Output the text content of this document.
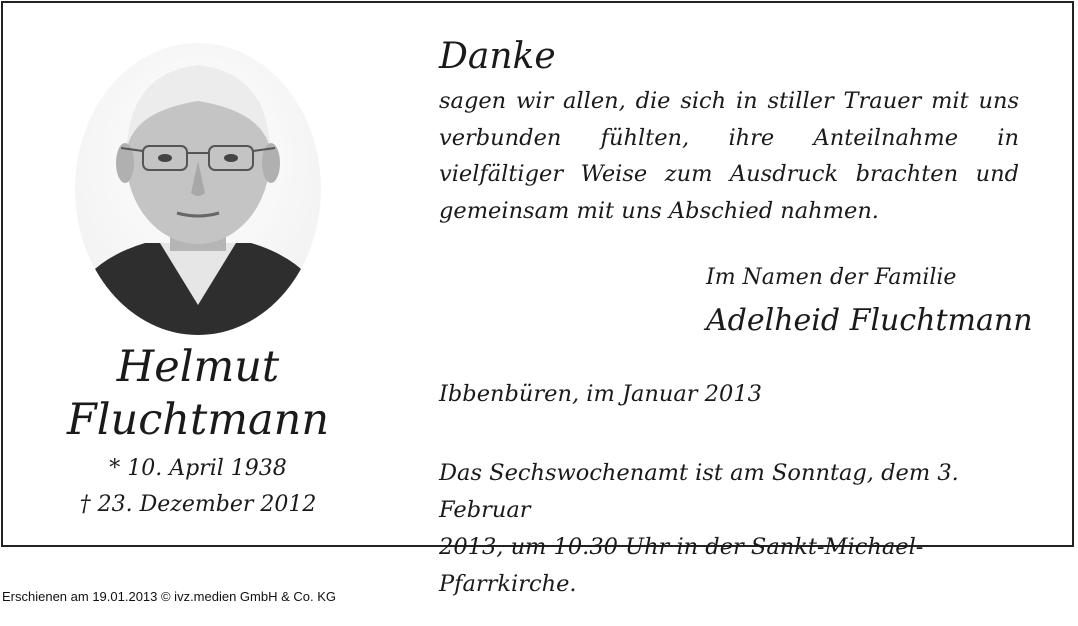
Helmut
Fluchtmann
* 10. April 1938
† 23. Dezember 2012
Danke
sagen wir allen, die sich in stiller Trauer mit uns verbunden fühlten, ihre Anteilnahme in vielfältiger Weise zum Ausdruck brachten und gemeinsam mit uns Abschied nahmen.
Im Namen der Familie
Adelheid Fluchtmann
Ibbenbüren, im Januar 2013
Das Sechswochenamt ist am Sonntag, dem 3. Februar
2013, um 10.30 Uhr in der Sankt-Michael-Pfarrkirche.
Erschienen am 19.01.2013 © ivz.medien GmbH & Co. KG
